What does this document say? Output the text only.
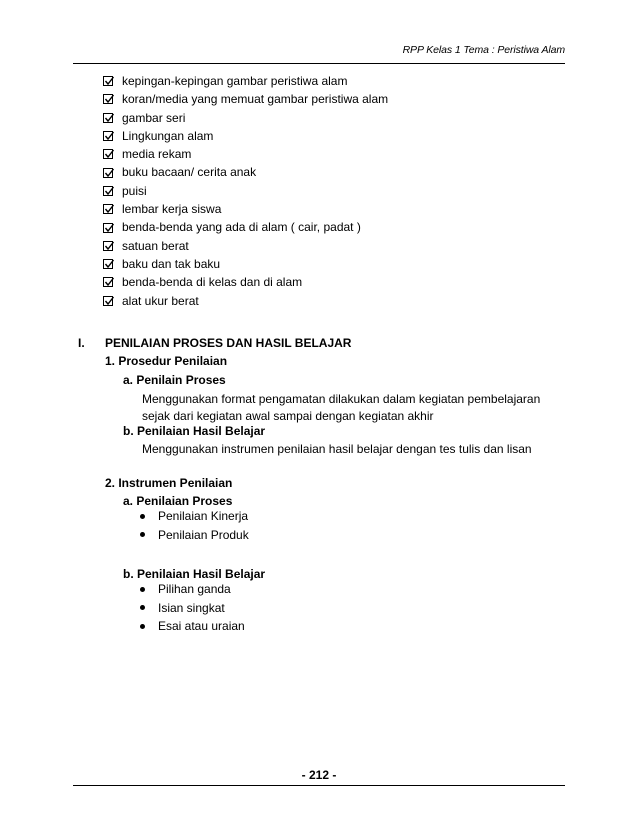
RPP Kelas 1 Tema : Peristiwa Alam
kepingan-kepingan gambar peristiwa alam
koran/media yang memuat gambar peristiwa alam
gambar seri
Lingkungan alam
media rekam
buku bacaan/ cerita anak
puisi
lembar kerja siswa
benda-benda yang ada di alam ( cair, padat )
satuan berat
baku dan tak baku
benda-benda di kelas dan di alam
alat ukur berat
I. PENILAIAN PROSES DAN HASIL BELAJAR
1. Prosedur Penilaian
a. Penilain Proses
Menggunakan format pengamatan dilakukan dalam kegiatan pembelajaran sejak dari kegiatan awal sampai dengan kegiatan akhir
b. Penilaian Hasil Belajar
Menggunakan instrumen penilaian hasil belajar dengan tes tulis dan lisan
2. Instrumen Penilaian
a. Penilaian Proses
Penilaian Kinerja
Penilaian Produk
b. Penilaian Hasil Belajar
Pilihan ganda
Isian singkat
Esai atau uraian
- 212 -
